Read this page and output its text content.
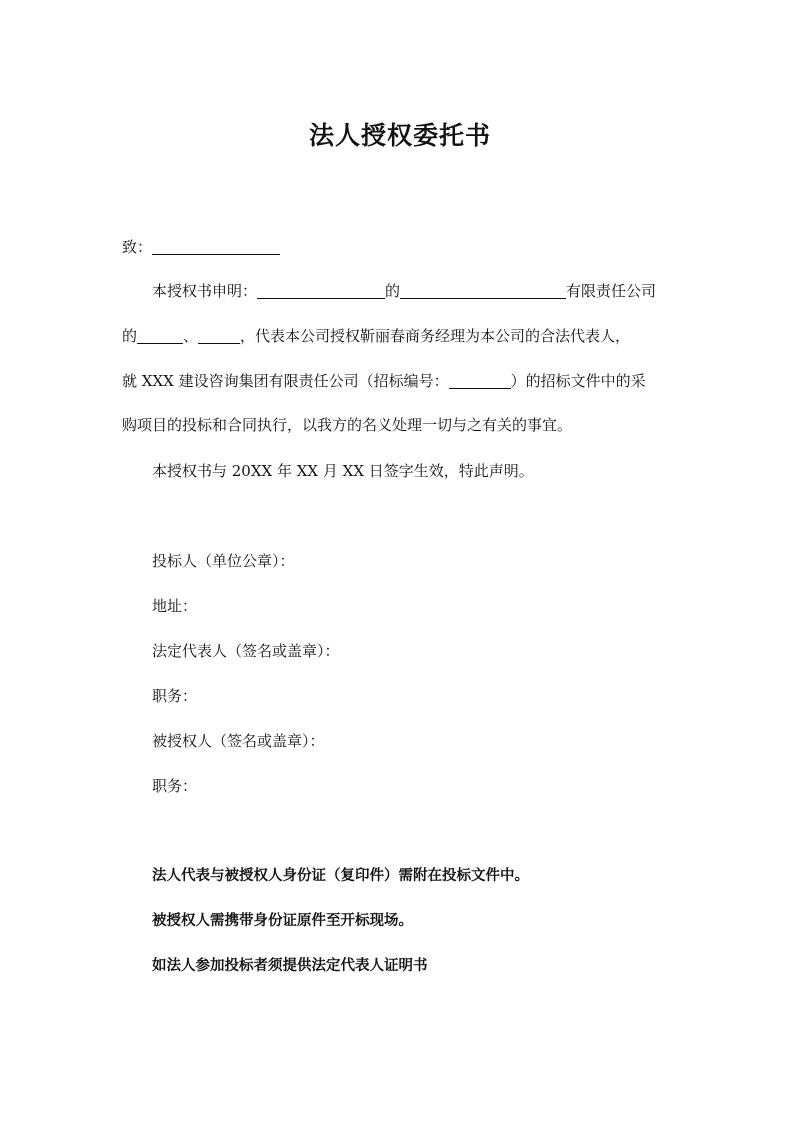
法人授权委托书
致：
本授权书申明：	的	有限责任公司
的	、	，代表本公司授权靳丽春商务经理为本公司的合法代表人，
就 XXX 建设咨询集团有限责任公司（招标编号：	）的招标文件中的采
购项目的投标和合同执行，以我方的名义处理一切与之有关的事宜。
本授权书与 20XX 年 XX 月 XX 日签字生效，特此声明。
投标人（单位公章）：
地址：
法定代表人（签名或盖章）：
职务：
被授权人（签名或盖章）：
职务：
法人代表与被授权人身份证（复印件）需附在投标文件中。
被授权人需携带身份证原件至开标现场。
如法人参加投标者须提供法定代表人证明书
